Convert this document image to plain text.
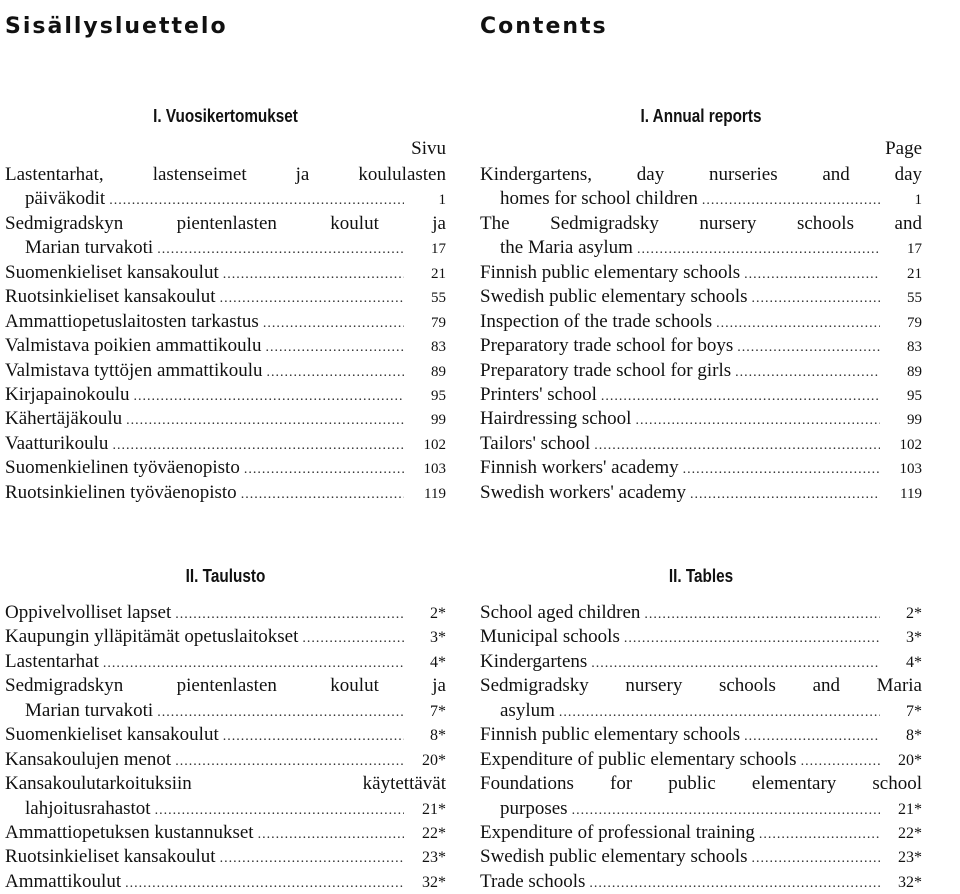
Sisällysluettelo
I. Vuosikertomukset
Sivu
Lastentarhat, lastenseimet ja koululasten
päiväkodit .....	1
Sedmigradskyn pientenlasten koulut ja
Marian turvakoti .....	17
Suomenkieliset kansakoulut .....	21
Ruotsinkieliset kansakoulut .....	55
Ammattiopetuslaitosten tarkastus .....	79
Valmistava poikien ammattikoulu .....	83
Valmistava tyttöjen ammattikoulu .....	89
Kirjapainokoulu .....	95
Kähertäjäkoulu .....	99
Vaatturikoulu .....	102
Suomenkielinen työväenopisto .....	103
Ruotsinkielinen työväenopisto .....	119
II. Taulusto
Oppivelvolliset lapset .....	2*
Kaupungin ylläpitämät opetuslaitokset .....	3*
Lastentarhat .....	4*
Sedmigradskyn pientenlasten koulut ja
Marian turvakoti .....	7*
Suomenkieliset kansakoulut .....	8*
Kansakoulujen menot .....	20*
Kansakoulutarkoituksiin käytettävät
lahjoitusrahastot .....	21*
Ammattiopetuksen kustannukset .....	22*
Ruotsinkieliset kansakoulut .....	23*
Ammattikoulut .....	32*
Contents
I. Annual reports
Page
Kindergartens, day nurseries and day
homes for school children .....	1
The Sedmigradsky nursery schools and
the Maria asylum .....	17
Finnish public elementary schools .....	21
Swedish public elementary schools .....	55
Inspection of the trade schools .....	79
Preparatory trade school for boys .....	83
Preparatory trade school for girls .....	89
Printers' school .....	95
Hairdressing school .....	99
Tailors' school .....	102
Finnish workers' academy .....	103
Swedish workers' academy .....	119
II. Tables
School aged children .....	2*
Municipal schools .....	3*
Kindergartens .....	4*
Sedmigradsky nursery schools and Maria
asylum .....	7*
Finnish public elementary schools .....	8*
Expenditure of public elementary schools .....	20*
Foundations for public elementary school
purposes .....	21*
Expenditure of professional training .....	22*
Swedish public elementary schools .....	23*
Trade schools .....	32*
